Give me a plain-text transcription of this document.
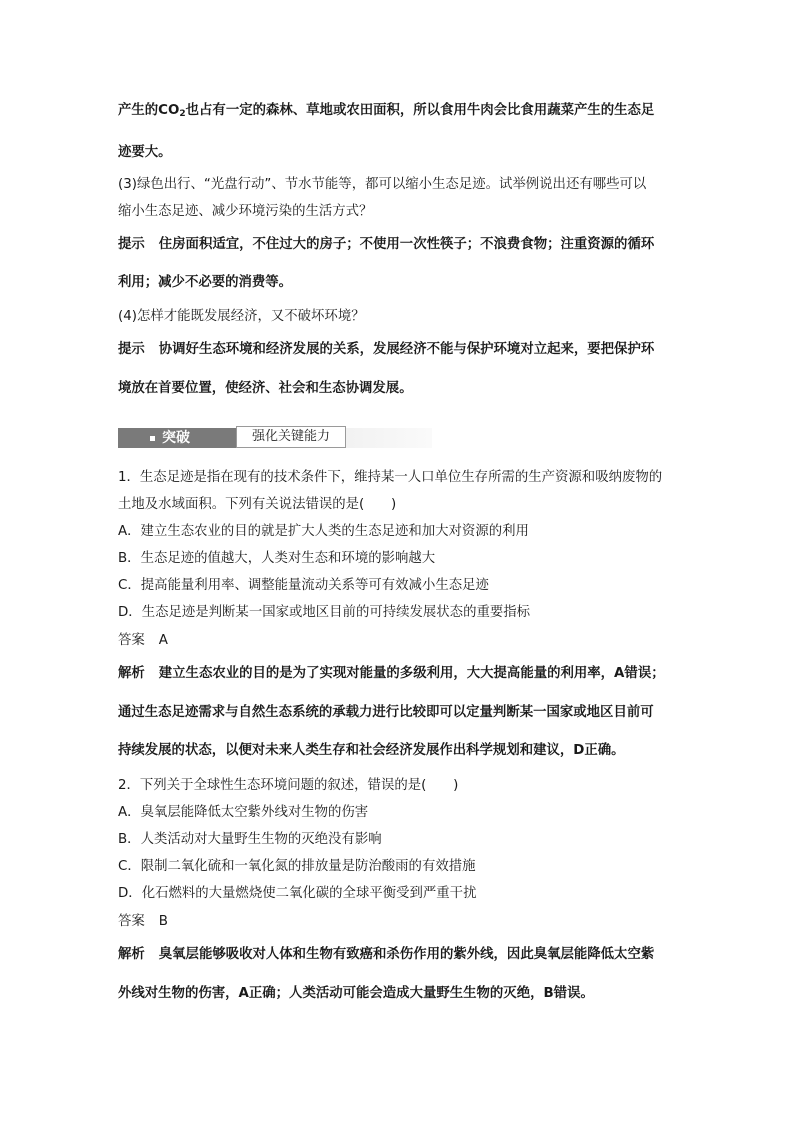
产生的$CO_2$也占有一定的森林、草地或农田面积，所以食用牛肉会比食用蔬菜产生的生态足
迹要大。
(3)绿色出行、“光盘行动”、节水节能等，都可以缩小生态足迹。试举例说出还有哪些可以
缩小生态足迹、减少环境污染的生活方式？
提示 住房面积适宜，不住过大的房子；不使用一次性筷子；不浪费食物；注重资源的循环
利用；减少不必要的消费等。
(4)怎样才能既发展经济，又不破坏环境？
提示 协调好生态环境和经济发展的关系，发展经济不能与保护环境对立起来，要把保护环
境放在首要位置，使经济、社会和生态协调发展。
突破	强化关键能力
1．生态足迹是指在现有的技术条件下，维持某一人口单位生存所需的生产资源和吸纳废物的
土地及水域面积。下列有关说法错误的是(　　)
A．建立生态农业的目的就是扩大人类的生态足迹和加大对资源的利用
B．生态足迹的值越大，人类对生态和环境的影响越大
C．提高能量利用率、调整能量流动关系等可有效减小生态足迹
D．生态足迹是判断某一国家或地区目前的可持续发展状态的重要指标
答案 A
解析 建立生态农业的目的是为了实现对能量的多级利用，大大提高能量的利用率，A错误；
通过生态足迹需求与自然生态系统的承载力进行比较即可以定量判断某一国家或地区目前可
持续发展的状态，以便对未来人类生存和社会经济发展作出科学规划和建议，D正确。
2．下列关于全球性生态环境问题的叙述，错误的是(　　)
A．臭氧层能降低太空紫外线对生物的伤害
B．人类活动对大量野生生物的灭绝没有影响
C．限制二氧化硫和一氧化氮的排放量是防治酸雨的有效措施
D．化石燃料的大量燃烧使二氧化碳的全球平衡受到严重干扰
答案 B
解析 臭氧层能够吸收对人体和生物有致癌和杀伤作用的紫外线，因此臭氧层能降低太空紫
外线对生物的伤害，A正确；人类活动可能会造成大量野生生物的灭绝，B错误。
